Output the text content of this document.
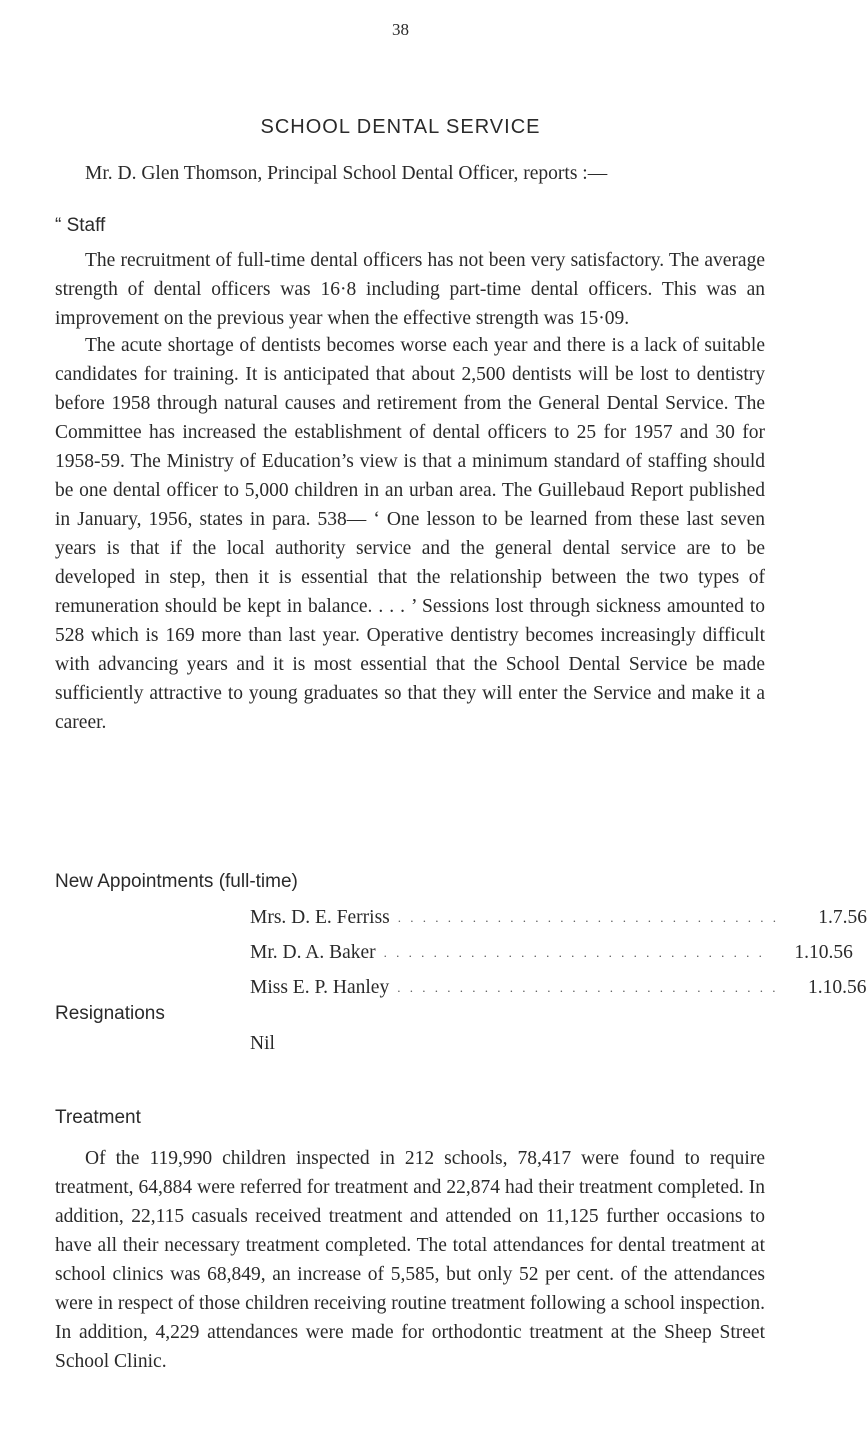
38
SCHOOL DENTAL SERVICE
Mr. D. Glen Thomson, Principal School Dental Officer, reports :—
“ Staff

The recruitment of full-time dental officers has not been very satisfactory. The average strength of dental officers was 16·8 including part-time dental officers. This was an improvement on the previous year when the effective strength was 15·09.

The acute shortage of dentists becomes worse each year and there is a lack of suitable candidates for training. It is anticipated that about 2,500 dentists will be lost to dentistry before 1958 through natural causes and retirement from the General Dental Service. The Committee has increased the establishment of dental officers to 25 for 1957 and 30 for 1958-59. The Ministry of Education’s view is that a minimum standard of staffing should be one dental officer to 5,000 children in an urban area. The Guillebaud Report published in January, 1956, states in para. 538— ‘ One lesson to be learned from these last seven years is that if the local authority service and the general dental service are to be developed in step, then it is essential that the relationship between the two types of remuneration should be kept in balance. . . . ’ Sessions lost through sickness amounted to 528 which is 169 more than last year. Operative dentistry becomes increasingly difficult with advancing years and it is most essential that the School Dental Service be made sufficiently attractive to young graduates so that they will enter the Service and make it a career.

New Appointments (full-time)
Mrs. D. E. Ferriss . . . . . . . . . . . . . . . . . . . . . . . . . . . . . . .	1.7.56
Mr. D. A. Baker . . . . . . . . . . . . . . . . . . . . . . . . . . . . . . .	1.10.56
Miss E. P. Hanley . . . . . . . . . . . . . . . . . . . . . . . . . . . . . . .	1.10.56
Resignations
Nil
Treatment

Of the 119,990 children inspected in 212 schools, 78,417 were found to require treatment, 64,884 were referred for treatment and 22,874 had their treatment completed. In addition, 22,115 casuals received treatment and attended on 11,125 further occasions to have all their necessary treatment completed. The total attendances for dental treatment at school clinics was 68,849, an increase of 5,585, but only 52 per cent. of the attendances were in respect of those children receiving routine treatment following a school inspection. In addition, 4,229 attendances were made for orthodontic treatment at the Sheep Street School Clinic.
